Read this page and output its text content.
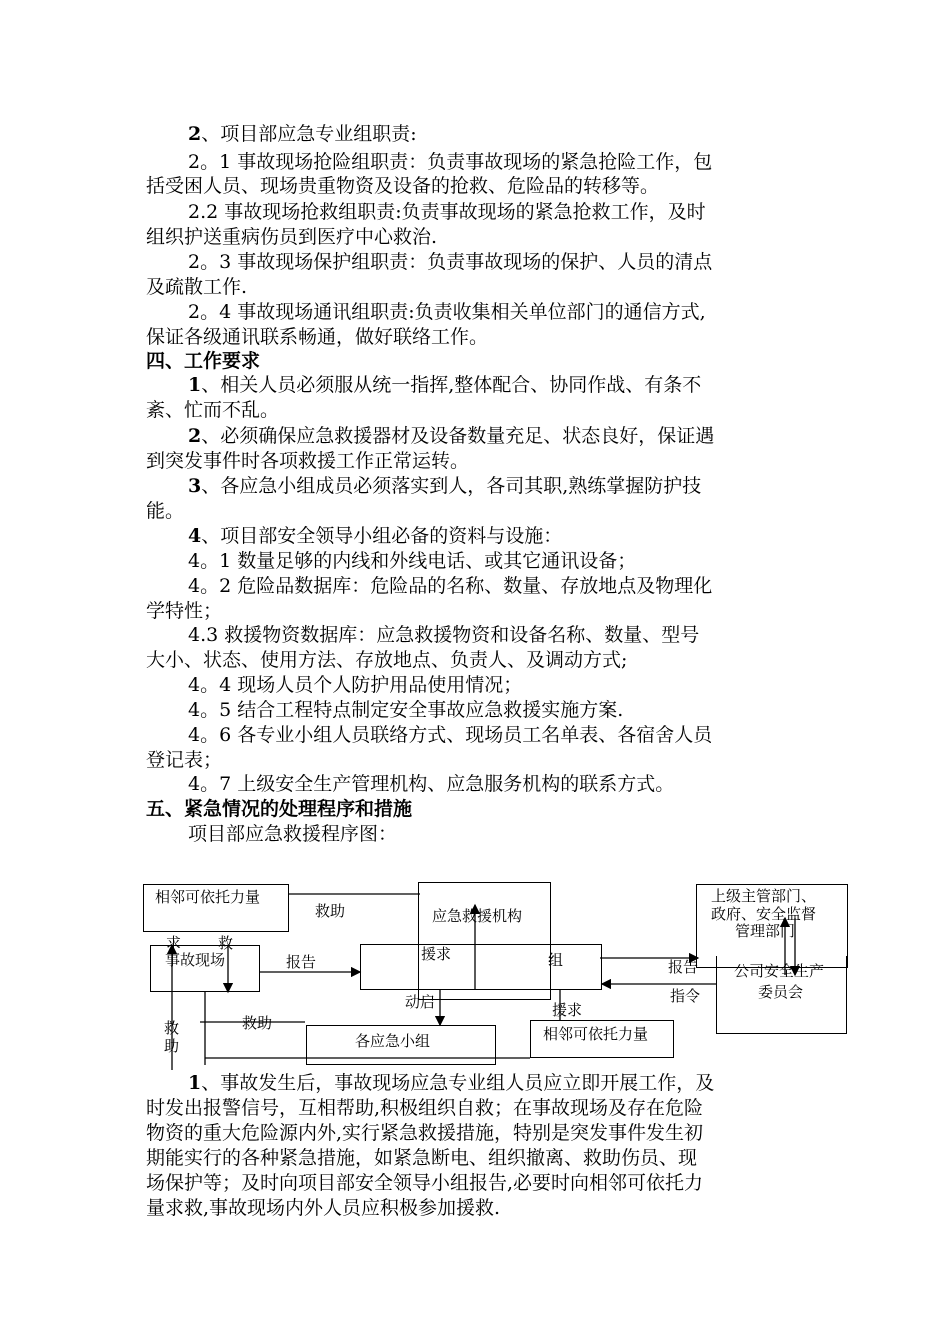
2、项目部应急专业组职责:
2。1 事故现场抢险组职责：负责事故现场的紧急抢险工作，包
括受困人员、现场贵重物资及设备的抢救、危险品的转移等。
2.2 事故现场抢救组职责:负责事故现场的紧急抢救工作，及时
组织护送重病伤员到医疗中心救治.
2。3 事故现场保护组职责：负责事故现场的保护、人员的清点
及疏散工作.
2。4 事故现场通讯组职责:负责收集相关单位部门的通信方式,
保证各级通讯联系畅通，做好联络工作。
四、工作要求
1、相关人员必须服从统一指挥,整体配合、协同作战、有条不
紊、忙而不乱。
2、必须确保应急救援器材及设备数量充足、状态良好，保证遇
到突发事件时各项救援工作正常运转。
3、各应急小组成员必须落实到人，各司其职,熟练掌握防护技
能。
4、项目部安全领导小组必备的资料与设施：
4。1 数量足够的内线和外线电话、或其它通讯设备；
4。2 危险品数据库：危险品的名称、数量、存放地点及物理化
学特性；
4.3 救援物资数据库：应急救援物资和设备名称、数量、型号
大小、状态、使用方法、存放地点、负责人、及调动方式;
4。4 现场人员个人防护用品使用情况；
4。5 结合工程特点制定安全事故应急救援实施方案.
4。6 各专业小组人员联络方式、现场员工名单表、各宿舍人员
登记表；
4。7 上级安全生产管理机构、应急服务机构的联系方式。
五、紧急情况的处理程序和措施
项目部应急救援程序图：
相邻可依托力量
应急救援机构
组
上级主管部门、
政府、安全监督
管理部门
公司安全生产
委员会
事故现场
各应急小组	相邻可依托力量
救助
援求
报告	报告
指令
动启	援求
救助
救
助
求 救
1、事故发生后，事故现场应急专业组人员应立即开展工作，及
时发出报警信号，互相帮助,积极组织自救；在事故现场及存在危险
物资的重大危险源内外,实行紧急救援措施，特别是突发事件发生初
期能实行的各种紧急措施，如紧急断电、组织撤离、救助伤员、现
场保护等；及时向项目部安全领导小组报告,必要时向相邻可依托力
量求救,事故现场内外人员应积极参加援救.
